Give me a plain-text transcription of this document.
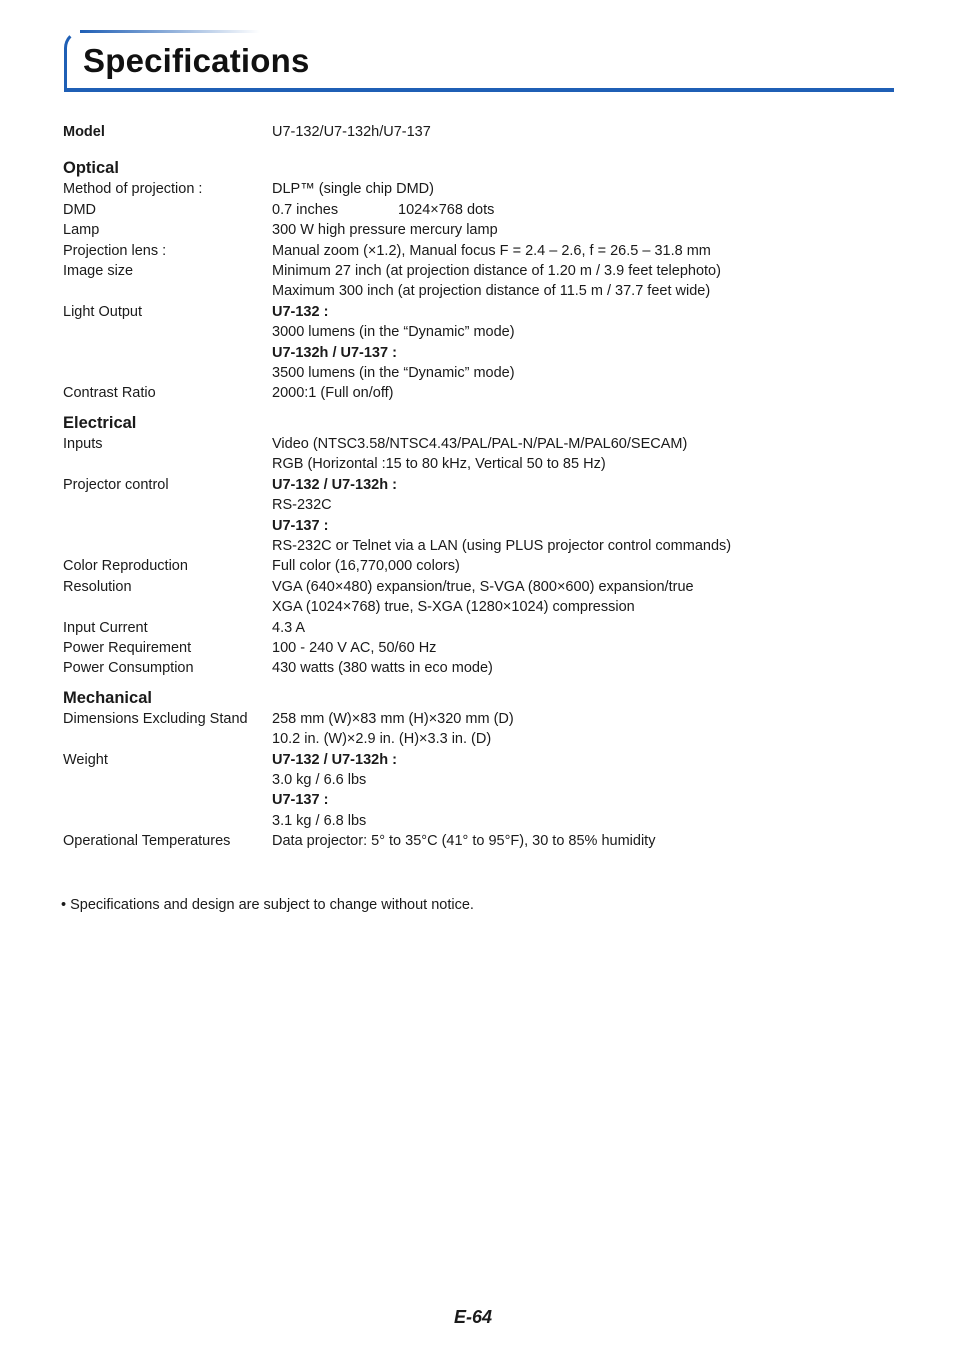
Specifications
Model	U7-132/U7-132h/U7-137
Optical
Method of projection :	DLP™ (single chip DMD)
DMD	0.7 inches	1024×768 dots
Lamp	300 W high pressure mercury lamp
Projection lens :	Manual zoom (×1.2), Manual focus F = 2.4 – 2.6, f = 26.5 – 31.8 mm
Image size	Minimum 27 inch (at projection distance of 1.20 m / 3.9 feet telephoto)
Maximum 300 inch (at projection distance of 11.5 m / 37.7 feet wide)
Light Output	U7-132 :
3000 lumens (in the “Dynamic” mode)
U7-132h / U7-137 :
3500 lumens (in the “Dynamic” mode)
Contrast Ratio	2000:1 (Full on/off)
Electrical
Inputs	Video (NTSC3.58/NTSC4.43/PAL/PAL-N/PAL-M/PAL60/SECAM)
RGB (Horizontal :15 to 80 kHz, Vertical 50 to 85 Hz)
Projector control	U7-132 / U7-132h :
RS-232C
U7-137 :
RS-232C or Telnet via a LAN (using PLUS projector control commands)
Color Reproduction	Full color (16,770,000 colors)
Resolution	VGA (640×480) expansion/true, S-VGA (800×600) expansion/true
XGA (1024×768) true, S-XGA (1280×1024) compression
Input Current	4.3 A
Power Requirement	100 - 240 V AC, 50/60 Hz
Power Consumption	430 watts (380 watts in eco mode)
Mechanical
Dimensions Excluding Stand	258 mm (W)×83 mm (H)×320 mm (D)
10.2 in. (W)×2.9 in. (H)×3.3 in. (D)
Weight	U7-132 / U7-132h :
3.0 kg / 6.6 lbs
U7-137 :
3.1 kg / 6.8 lbs
Operational Temperatures	Data projector: 5° to 35°C (41° to 95°F), 30 to 85% humidity
• Specifications and design are subject to change without notice.
E-64
